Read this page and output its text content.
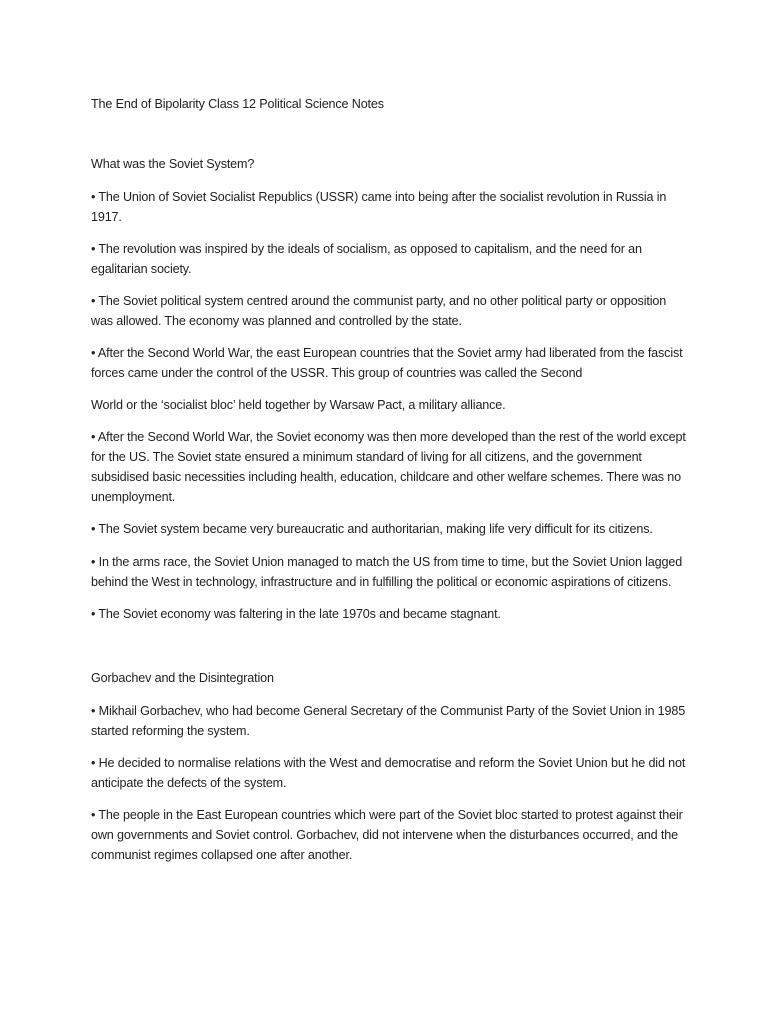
The End of Bipolarity Class 12 Political Science Notes
What was the Soviet System?

• The Union of Soviet Socialist Republics (USSR) came into being after the socialist revolution in Russia in 1917.

• The revolution was inspired by the ideals of socialism, as opposed to capitalism, and the need for an egalitarian society.

• The Soviet political system centred around the communist party, and no other political party or opposition was allowed. The economy was planned and controlled by the state.

• After the Second World War, the east European countries that the Soviet army had liberated from the fascist forces came under the control of the USSR. This group of countries was called the Second

World or the ‘socialist bloc’ held together by Warsaw Pact, a military alliance.

• After the Second World War, the Soviet economy was then more developed than the rest of the world except for the US. The Soviet state ensured a minimum standard of living for all citizens, and the government subsidised basic necessities including health, education, childcare and other welfare schemes. There was no unemployment.

• The Soviet system became very bureaucratic and authoritarian, making life very difficult for its citizens.

• In the arms race, the Soviet Union managed to match the US from time to time, but the Soviet Union lagged behind the West in technology, infrastructure and in fulfilling the political or economic aspirations of citizens.

• The Soviet economy was faltering in the late 1970s and became stagnant.

Gorbachev and the Disintegration

• Mikhail Gorbachev, who had become General Secretary of the Communist Party of the Soviet Union in 1985 started reforming the system.

• He decided to normalise relations with the West and democratise and reform the Soviet Union but he did not anticipate the defects of the system.

• The people in the East European countries which were part of the Soviet bloc started to protest against their own governments and Soviet control. Gorbachev, did not intervene when the disturbances occurred, and the communist regimes collapsed one after another.
